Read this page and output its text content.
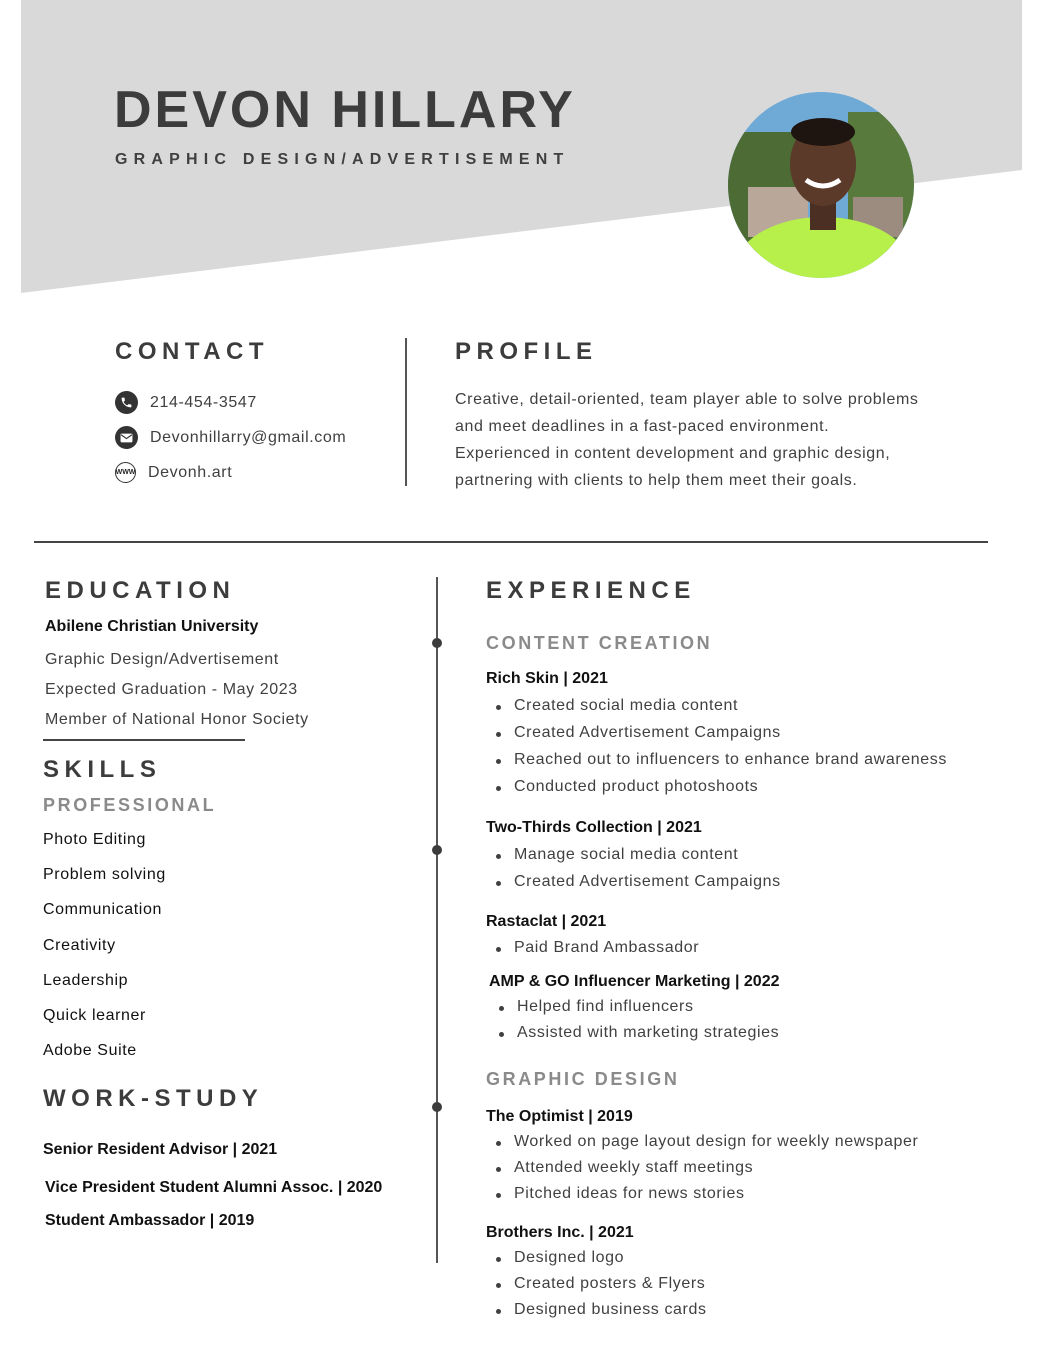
DEVON HILLARY
GRAPHIC DESIGN/ADVERTISEMENT
CONTACT
214-454-3547
Devonhillarry@gmail.com
WWW Devonh.art
PROFILE
Creative, detail-oriented, team player able to solve problems
and meet deadlines in a fast-paced environment.
Experienced in content development and graphic design,
partnering with clients to help them meet their goals.
EDUCATION
Abilene Christian University
Graphic Design/Advertisement
Expected Graduation - May 2023
Member of National Honor Society
SKILLS
PROFESSIONAL
Photo Editing
Problem solving
Communication
Creativity
Leadership
Quick learner
Adobe Suite
WORK-STUDY
Senior Resident Advisor | 2021
Vice President Student Alumni Assoc. | 2020
Student Ambassador | 2019
EXPERIENCE
CONTENT CREATION
Rich Skin | 2021
Created social media content
Created Advertisement Campaigns
Reached out to influencers to enhance brand awareness
Conducted product photoshoots
Two-Thirds Collection | 2021
Manage social media content
Created Advertisement Campaigns
Rastaclat | 2021
Paid Brand Ambassador
AMP & GO Influencer Marketing | 2022
Helped find influencers
Assisted with marketing strategies
GRAPHIC DESIGN
The Optimist | 2019
Worked on page layout design for weekly newspaper
Attended weekly staff meetings
Pitched ideas for news stories
Brothers Inc. | 2021
Designed logo
Created posters & Flyers
Designed business cards
